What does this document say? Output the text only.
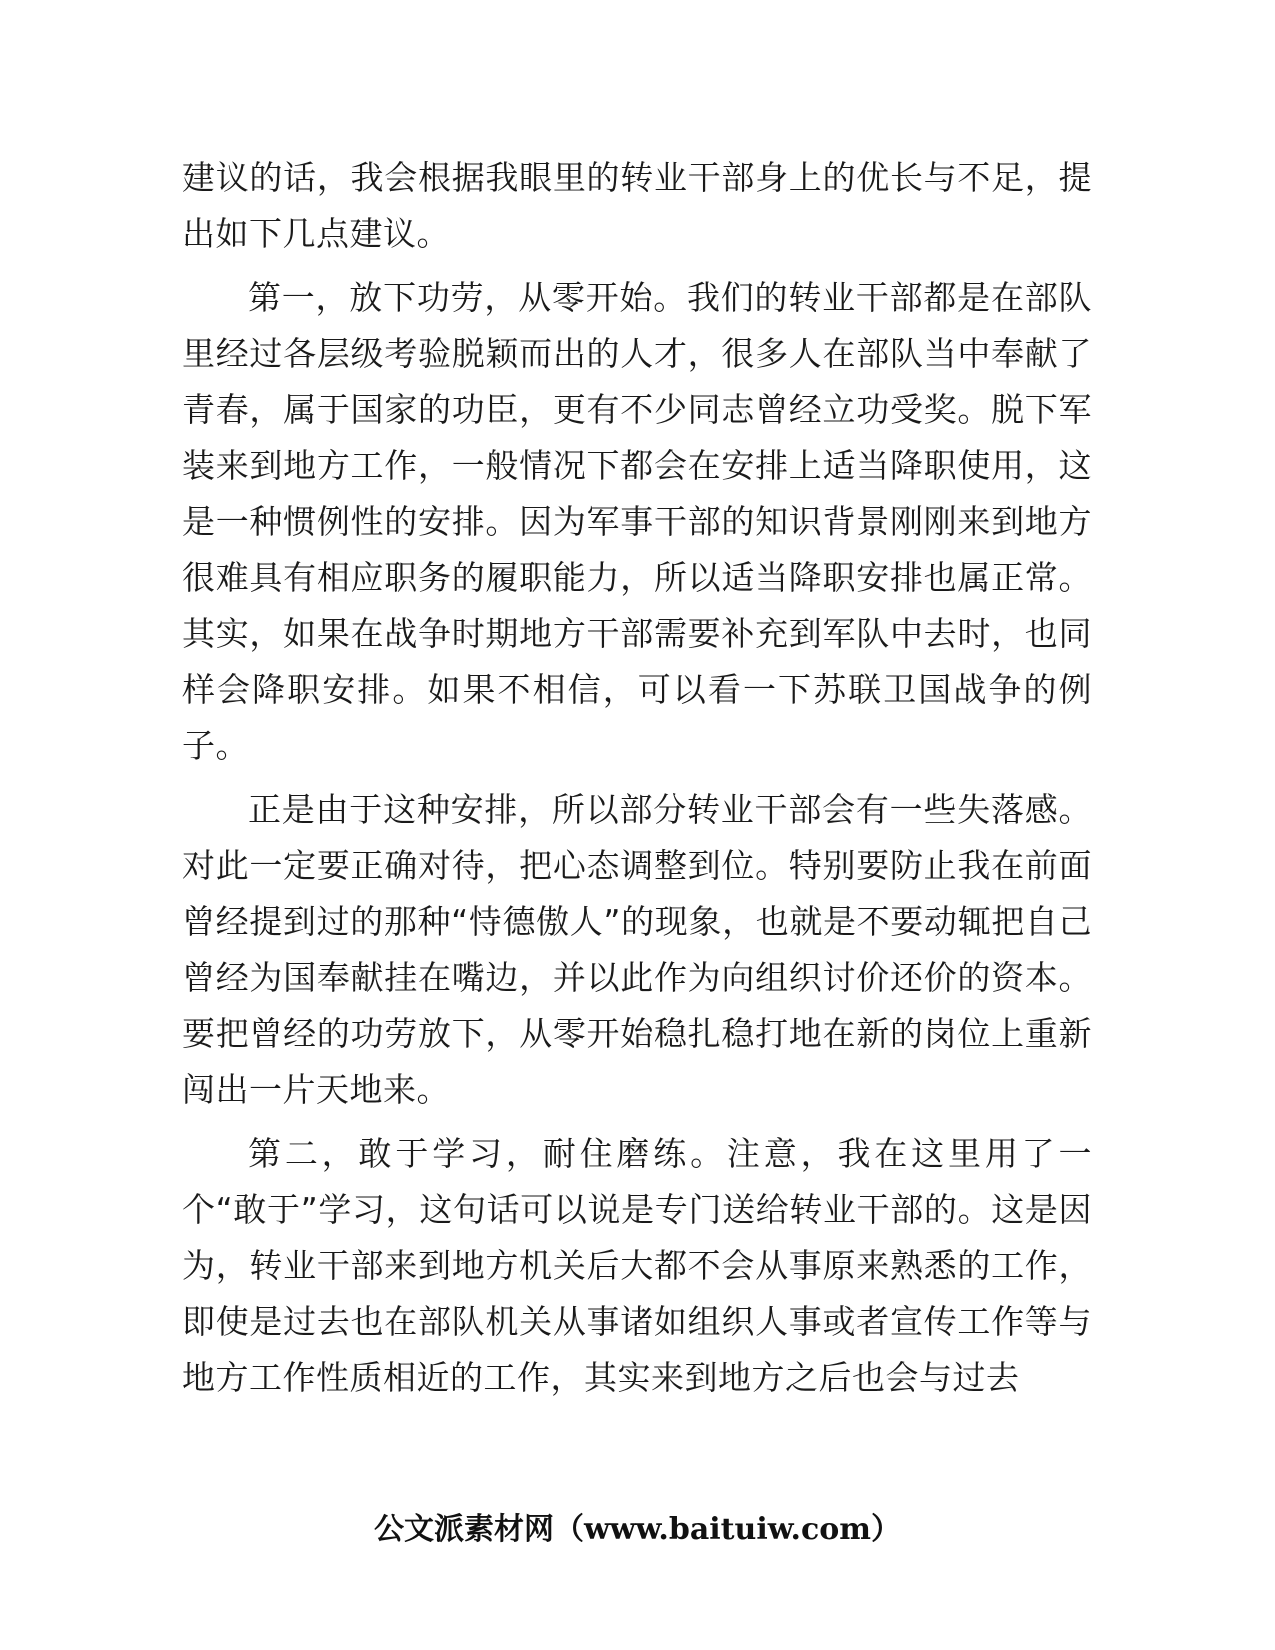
建议的话，我会根据我眼里的转业干部身上的优长与不足，提出如下几点建议。

第一，放下功劳，从零开始。我们的转业干部都是在部队里经过各层级考验脱颖而出的人才，很多人在部队当中奉献了青春，属于国家的功臣，更有不少同志曾经立功受奖。脱下军装来到地方工作，一般情况下都会在安排上适当降职使用，这是一种惯例性的安排。因为军事干部的知识背景刚刚来到地方很难具有相应职务的履职能力，所以适当降职安排也属正常。其实，如果在战争时期地方干部需要补充到军队中去时，也同样会降职安排。如果不相信，可以看一下苏联卫国战争的例子。

正是由于这种安排，所以部分转业干部会有一些失落感。对此一定要正确对待，把心态调整到位。特别要防止我在前面曾经提到过的那种“恃德傲人”的现象，也就是不要动辄把自己曾经为国奉献挂在嘴边，并以此作为向组织讨价还价的资本。要把曾经的功劳放下，从零开始稳扎稳打地在新的岗位上重新闯出一片天地来。

第二，敢于学习，耐住磨练。注意，我在这里用了一个“敢于”学习，这句话可以说是专门送给转业干部的。这是因为，转业干部来到地方机关后大都不会从事原来熟悉的工作，即使是过去也在部队机关从事诸如组织人事或者宣传工作等与地方工作性质相近的工作，其实来到地方之后也会与过去

公文派素材网（www.baituiw.com）
